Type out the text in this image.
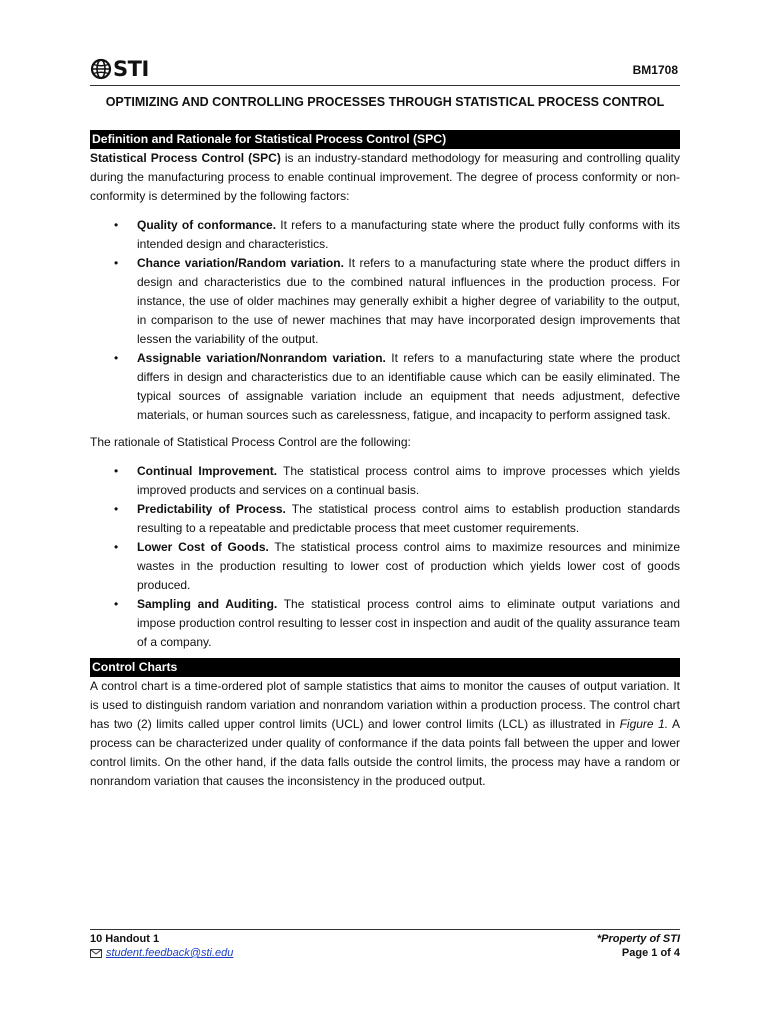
STI	BM1708
OPTIMIZING AND CONTROLLING PROCESSES THROUGH STATISTICAL PROCESS CONTROL
Definition and Rationale for Statistical Process Control (SPC)

Statistical Process Control (SPC) is an industry-standard methodology for measuring and controlling quality during the manufacturing process to enable continual improvement. The degree of process conformity or non-conformity is determined by the following factors:

• Quality of conformance. It refers to a manufacturing state where the product fully conforms with its intended design and characteristics.
• Chance variation/Random variation. It refers to a manufacturing state where the product differs in design and characteristics due to the combined natural influences in the production process. For instance, the use of older machines may generally exhibit a higher degree of variability to the output, in comparison to the use of newer machines that may have incorporated design improvements that lessen the variability of the output.
• Assignable variation/Nonrandom variation. It refers to a manufacturing state where the product differs in design and characteristics due to an identifiable cause which can be easily eliminated. The typical sources of assignable variation include an equipment that needs adjustment, defective materials, or human sources such as carelessness, fatigue, and incapacity to perform assigned task.

The rationale of Statistical Process Control are the following:

• Continual Improvement. The statistical process control aims to improve processes which yields improved products and services on a continual basis.
• Predictability of Process. The statistical process control aims to establish production standards resulting to a repeatable and predictable process that meet customer requirements.
• Lower Cost of Goods. The statistical process control aims to maximize resources and minimize wastes in the production resulting to lower cost of production which yields lower cost of goods produced.
• Sampling and Auditing. The statistical process control aims to eliminate output variations and impose production control resulting to lesser cost in inspection and audit of the quality assurance team of a company.
Control Charts

A control chart is a time-ordered plot of sample statistics that aims to monitor the causes of output variation. It is used to distinguish random variation and nonrandom variation within a production process. The control chart has two (2) limits called upper control limits (UCL) and lower control limits (LCL) as illustrated in Figure 1. A process can be characterized under quality of conformance if the data points fall between the upper and lower control limits. On the other hand, if the data falls outside the control limits, the process may have a random or nonrandom variation that causes the inconsistency in the produced output.

10 Handout 1
student.feedback@sti.edu
*Property of STI
Page 1 of 4
